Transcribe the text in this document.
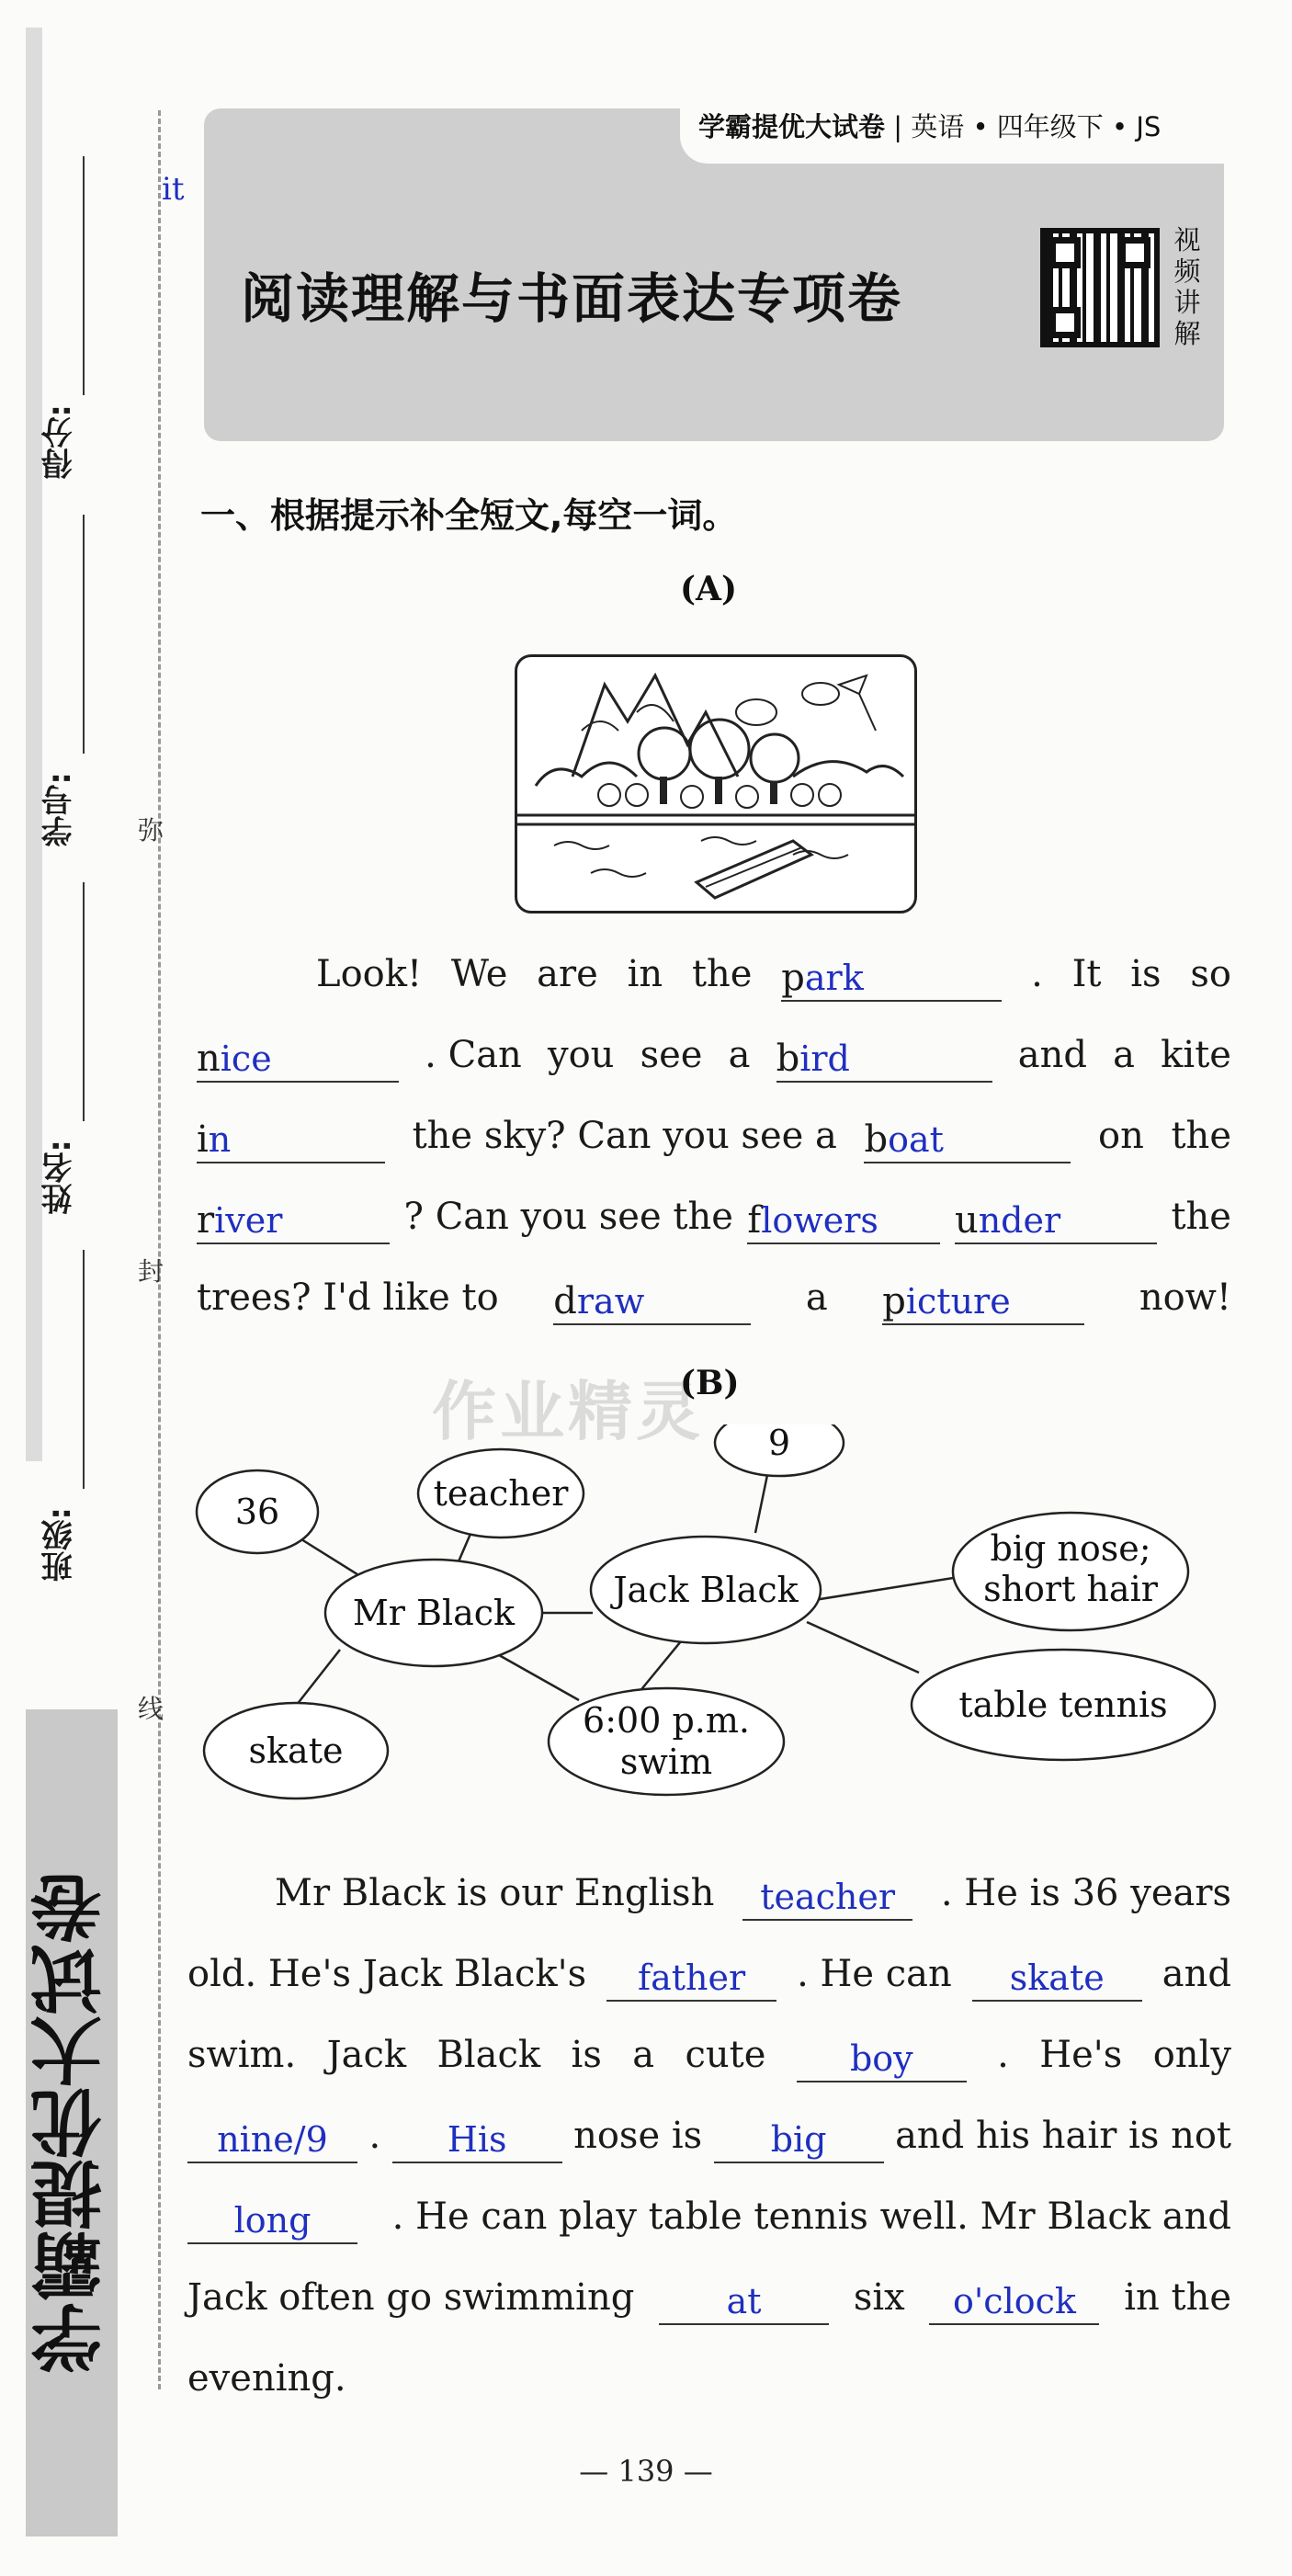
得分:
学号:
姓名:
班级:
学霸提优大试卷
弥
封
线
it
学霸提优大试卷 | 英语 • 四年级下 • JS
阅读理解与书面表达专项卷
视
频
讲
解
一、根据提示补全短文,每空一词。
(A)
Look! We are in the park	. It is so
nice	. Can you see a bird	and a kite
in	the sky? Can you see a boat	on the
river	? Can you see the flowers	under	the
trees? I'd like to draw	a picture	now!
作业精灵
(B)
36	teacher
Mr Black
skate
6:00 p.m.
swim
Jack Black
9
big nose;
short hair
table tennis
Mr Black is our English	teacher	. He is 36 years
old. He's Jack Black's	father	. He can	skate	and
swim. Jack Black is a cute	boy	. He's only
nine/9	.	His	nose is	big	and his hair is not
long	. He can play table tennis well. Mr Black and
Jack often go swimming	at	six	o'clock	in the
evening.
— 139 —
